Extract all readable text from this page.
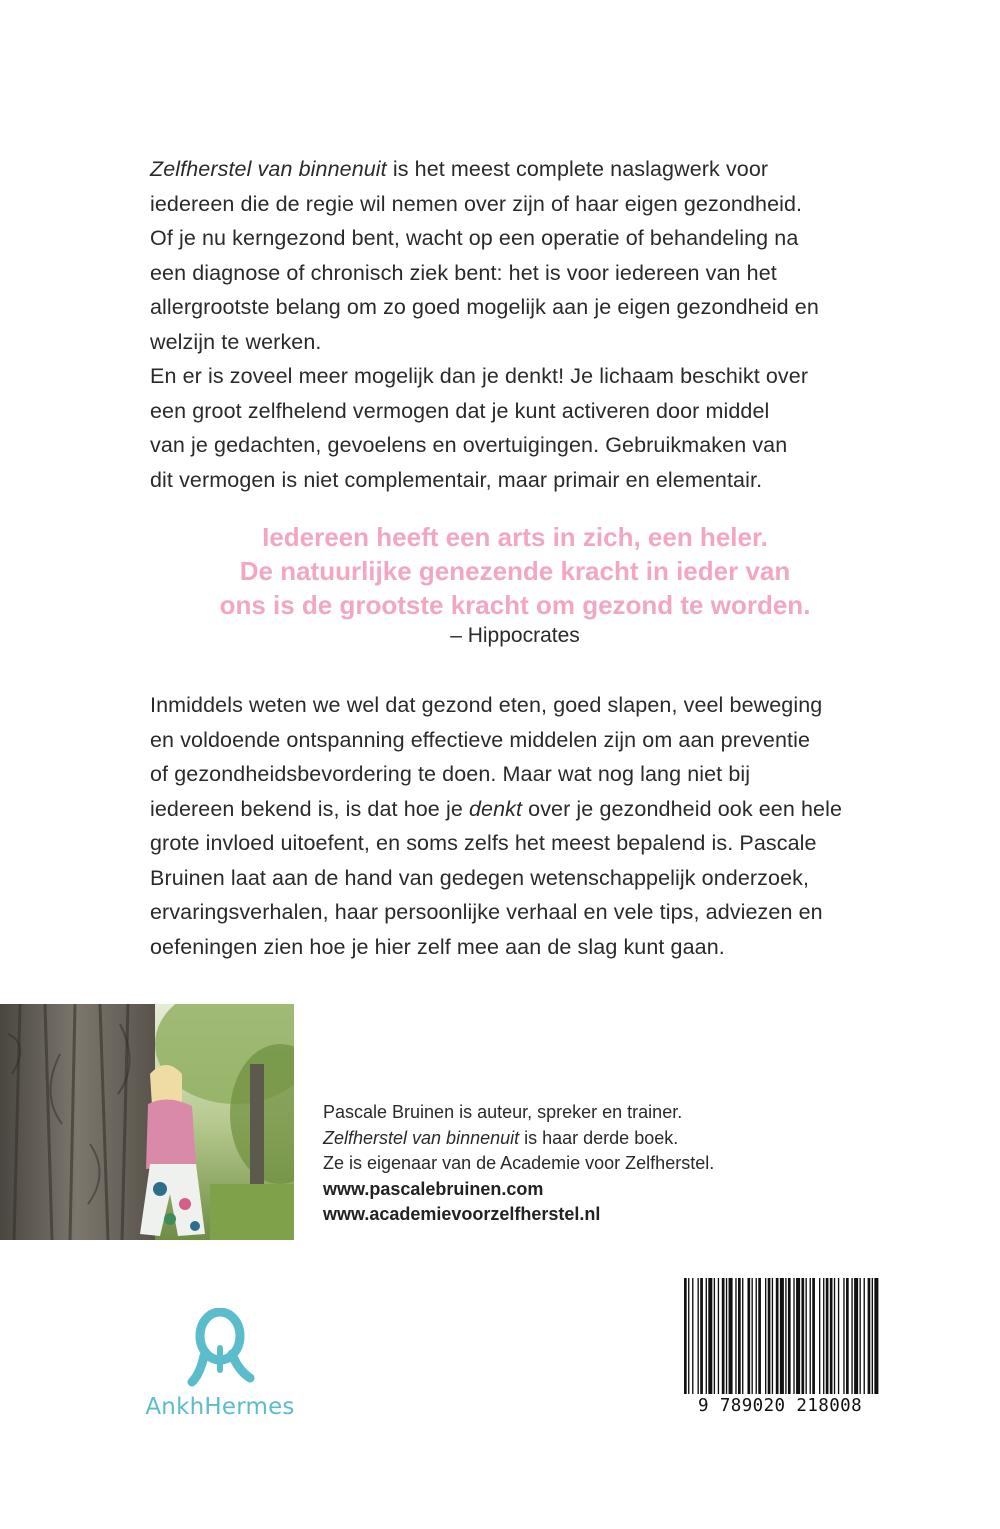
Zelfherstel van binnenuit is het meest complete naslagwerk voor
iedereen die de regie wil nemen over zijn of haar eigen gezondheid.
Of je nu kerngezond bent, wacht op een operatie of behandeling na
een diagnose of chronisch ziek bent: het is voor iedereen van het
allergrootste belang om zo goed mogelijk aan je eigen gezondheid en
welzijn te werken.
En er is zoveel meer mogelijk dan je denkt! Je lichaam beschikt over
een groot zelfhelend vermogen dat je kunt activeren door middel
van je gedachten, gevoelens en overtuigingen. Gebruikmaken van
dit vermogen is niet complementair, maar primair en elementair.
Iedereen heeft een arts in zich, een heler.
De natuurlijke genezende kracht in ieder van
ons is de grootste kracht om gezond te worden.
– Hippocrates
Inmiddels weten we wel dat gezond eten, goed slapen, veel beweging
en voldoende ontspanning effectieve middelen zijn om aan preventie
of gezondheidsbevordering te doen. Maar wat nog lang niet bij
iedereen bekend is, is dat hoe je denkt over je gezondheid ook een hele
grote invloed uitoefent, en soms zelfs het meest bepalend is. Pascale
Bruinen laat aan de hand van gedegen wetenschappelijk onderzoek,
ervaringsverhalen, haar persoonlijke verhaal en vele tips, adviezen en
oefeningen zien hoe je hier zelf mee aan de slag kunt gaan.
Pascale Bruinen is auteur, spreker en trainer.
Zelfherstel van binnenuit is haar derde boek.
Ze is eigenaar van de Academie voor Zelfherstel.
www.pascalebruinen.com
www.academievoorzelfherstel.nl
AnkhHermes	9 789020 218008
